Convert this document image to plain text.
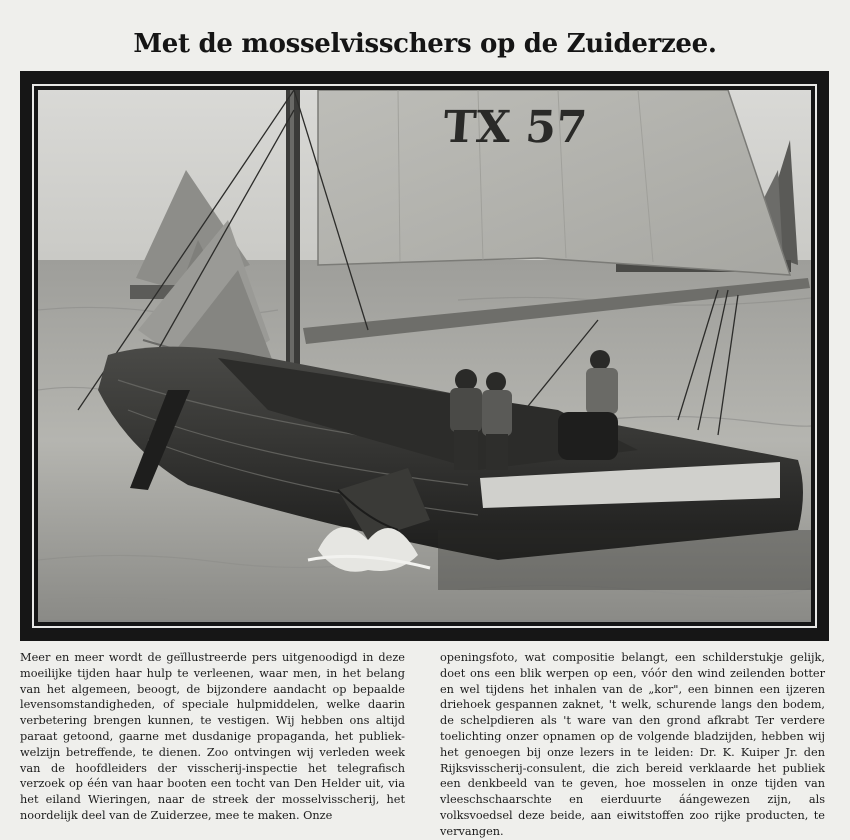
Met de mosselvisschers op de Zuiderzee.
TX 57

Meer en meer wordt de geïllustreerde pers uitgenoodigd in deze moeilijke tijden haar hulp te verleenen, waar men, in het belang van het algemeen, beoogt, de bijzondere aandacht op bepaalde levensomstandigheden, of speciale hulpmiddelen, welke daarin verbetering brengen kunnen, te vestigen. Wij hebben ons altijd paraat getoond, gaarne met dusdanige propaganda, het publiek-welzijn betreffende, te dienen. Zoo ontvingen wij verleden week van de hoofdleiders der visscherij-inspectie het telegrafisch verzoek op één van haar booten een tocht van Den Helder uit, via het eiland Wieringen, naar de streek der mosselvisscherij, het noordelijk deel van de Zuiderzee, mee te maken. Onze

openingsfoto, wat compositie belangt, een schilderstukje gelijk, doet ons een blik werpen op een, vóór den wind zeilenden botter en wel tijdens het inhalen van de „kor", een binnen een ijzeren driehoek gespannen zaknet, 't welk, schurende langs den bodem, de schelpdieren als 't ware van den grond afkrabt Ter verdere toelichting onzer opnamen op de volgende bladzijden, hebben wij het genoegen bij onze lezers in te leiden: Dr. K. Kuiper Jr. den Rijksvisscherij-consulent, die zich bereid verklaarde het publiek een denkbeeld van te geven, hoe mosselen in onze tijden van vleeschschaarschte en eierduurte áángewezen zijn, als volksvoedsel deze beide, aan eiwitstoffen zoo rijke producten, te vervangen.
